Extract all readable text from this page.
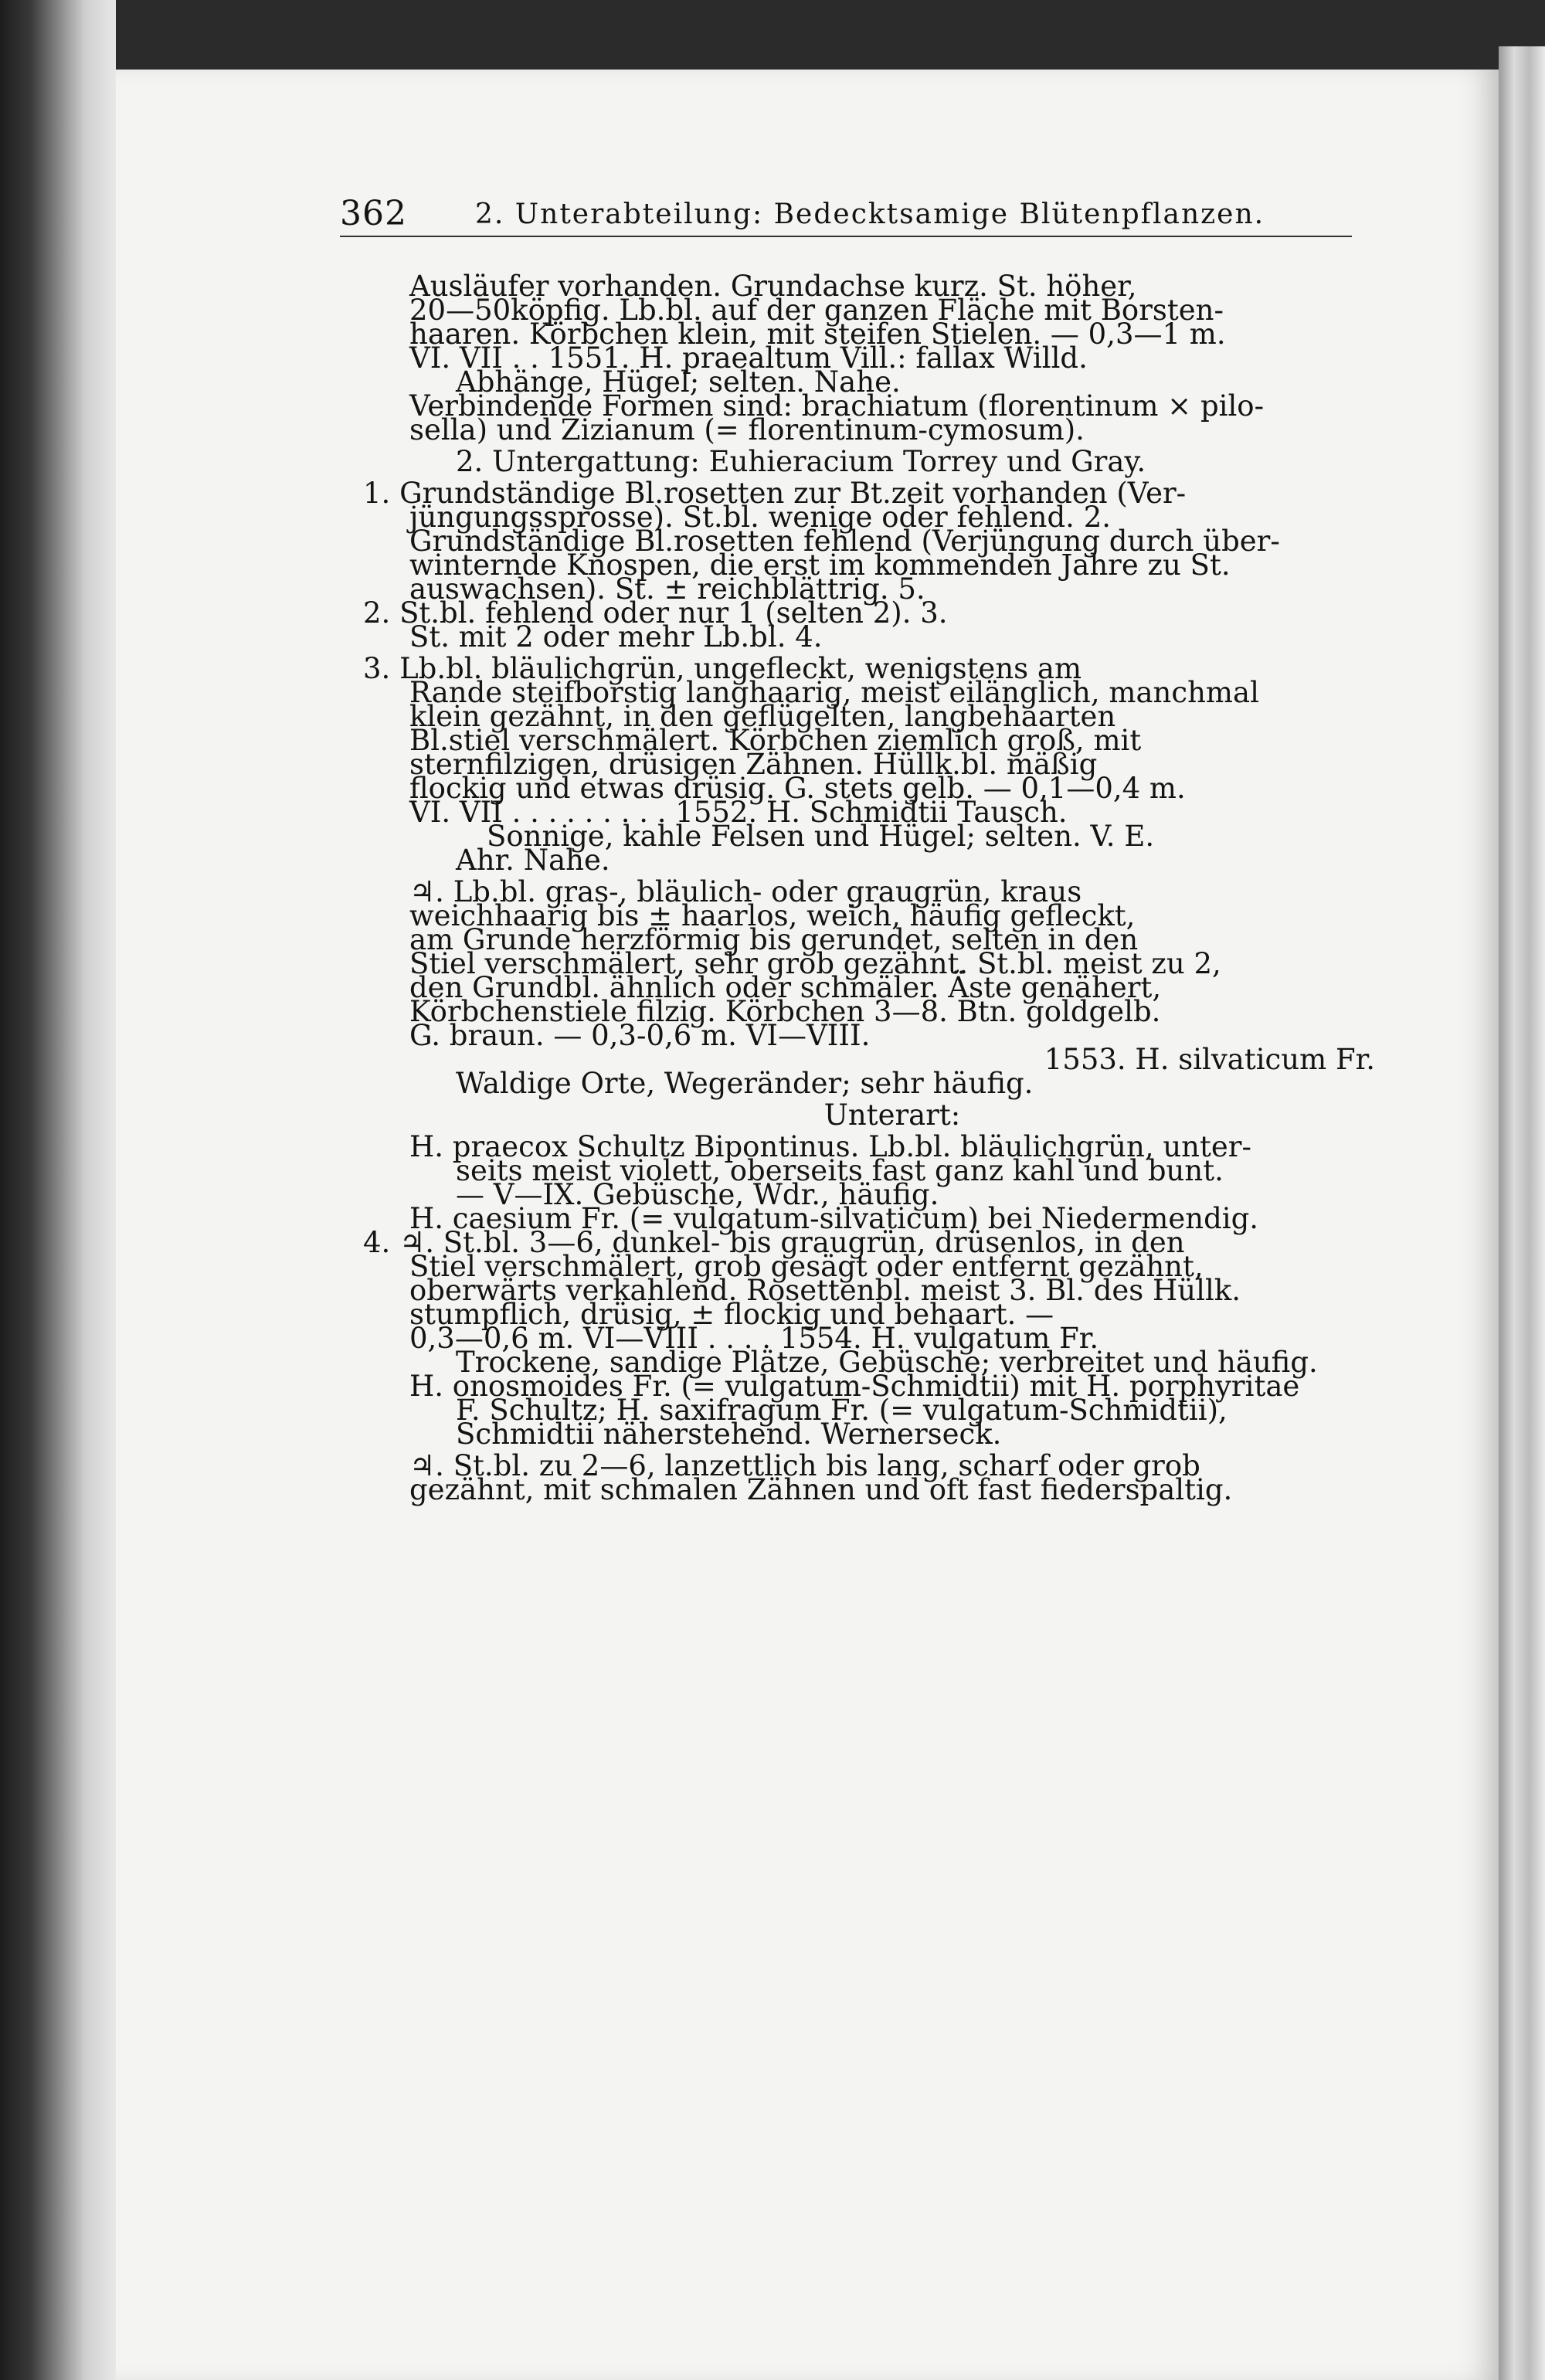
362 2. Unterabteilung: Bedecktsamige Blütenpflanzen.
Ausläufer vorhanden. Grundachse kurz. St. höher,
20—50köpfig. Lb.bl. auf der ganzen Fläche mit Borsten-
haaren. Körbchen klein, mit steifen Stielen. — 0,3—1 m.
VI. VII . . 1551. H. praealtum Vill.: fallax Willd.
Abhänge, Hügel; selten. Nahe.
Verbindende Formen sind: brachiatum (florentinum × pilo-
sella) und Zizianum (= florentinum-cymosum).
2. Untergattung: Euhieracium Torrey und Gray.
1. Grundständige Bl.rosetten zur Bt.zeit vorhanden (Ver-
jüngungssprosse). St.bl. wenige oder fehlend. 2.
Grundständige Bl.rosetten fehlend (Verjüngung durch über-
winternde Knospen, die erst im kommenden Jahre zu St.
auswachsen). St. ± reichblättrig. 5.
2. St.bl. fehlend oder nur 1 (selten 2). 3.
St. mit 2 oder mehr Lb.bl. 4.
3. Lb.bl. bläulichgrün, ungefleckt, wenigstens am
Rande steifborstig langhaarig, meist eilänglich, manchmal
klein gezähnt, in den geflügelten, langbehaarten
Bl.stiel verschmälert. Körbchen ziemlich groß, mit
sternfilzigen, drüsigen Zähnen. Hüllk.bl. mäßig
flockig und etwas drüsig. G. stets gelb. — 0,1—0,4 m.
VI. VII . . . . . . . . . 1552. H. Schmidtii Tausch.
Sonnige, kahle Felsen und Hügel; selten. V. E.
Ahr. Nahe.
♃. Lb.bl. gras-, bläulich- oder graugrün, kraus
weichhaarig bis ± haarlos, weich, häufig gefleckt,
am Grunde herzförmig bis gerundet, selten in den
Stiel verschmälert, sehr grob gezähnt. St.bl. meist zu 2,
den Grundbl. ähnlich oder schmäler. Äste genähert,
Körbchenstiele filzig. Körbchen 3—8. Btn. goldgelb.
G. braun. — 0,3-0,6 m. VI—VIII.
1553. H. silvaticum Fr.
Waldige Orte, Wegeränder; sehr häufig.
Unterart:
H. praecox Schultz Bipontinus. Lb.bl. bläulichgrün, unter-
seits meist violett, oberseits fast ganz kahl und bunt.
— V—IX. Gebüsche, Wdr., häufig.
H. caesium Fr. (= vulgatum-silvaticum) bei Niedermendig.
4. ♃. St.bl. 3—6, dunkel- bis graugrün, drüsenlos, in den
Stiel verschmälert, grob gesägt oder entfernt gezähnt,
oberwärts verkahlend. Rosettenbl. meist 3. Bl. des Hüllk.
stumpflich, drüsig, ± flockig und behaart. —
0,3—0,6 m. VI—VIII . . . . 1554. H. vulgatum Fr.
Trockene, sandige Plätze, Gebüsche; verbreitet und häufig.
H. onosmoides Fr. (= vulgatum-Schmidtii) mit H. porphyritae
F. Schultz; H. saxifragum Fr. (= vulgatum-Schmidtii),
Schmidtii näherstehend. Wernerseck.
♃. St.bl. zu 2—6, lanzettlich bis lang, scharf oder grob
gezähnt, mit schmalen Zähnen und oft fast fiederspaltig.
